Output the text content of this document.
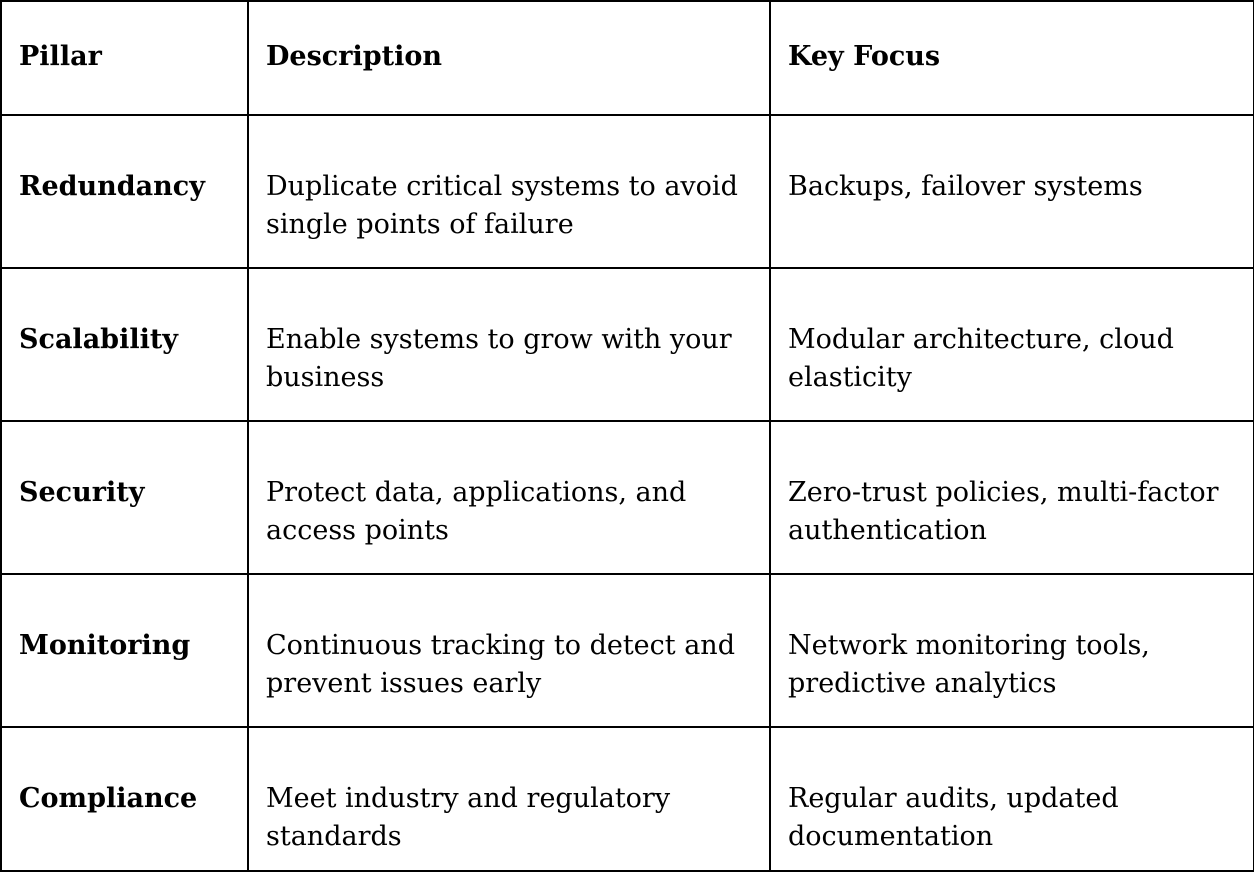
Pillar	Description	Key Focus
Redundancy	Duplicate critical systems to avoid single points of failure	Backups, failover systems
Scalability	Enable systems to grow with your business	Modular architecture, cloud elasticity
Security	Protect data, applications, and access points	Zero-trust policies, multi-factor authentication
Monitoring	Continuous tracking to detect and prevent issues early	Network monitoring tools, predictive analytics
Compliance	Meet industry and regulatory standards	Regular audits, updated documentation
